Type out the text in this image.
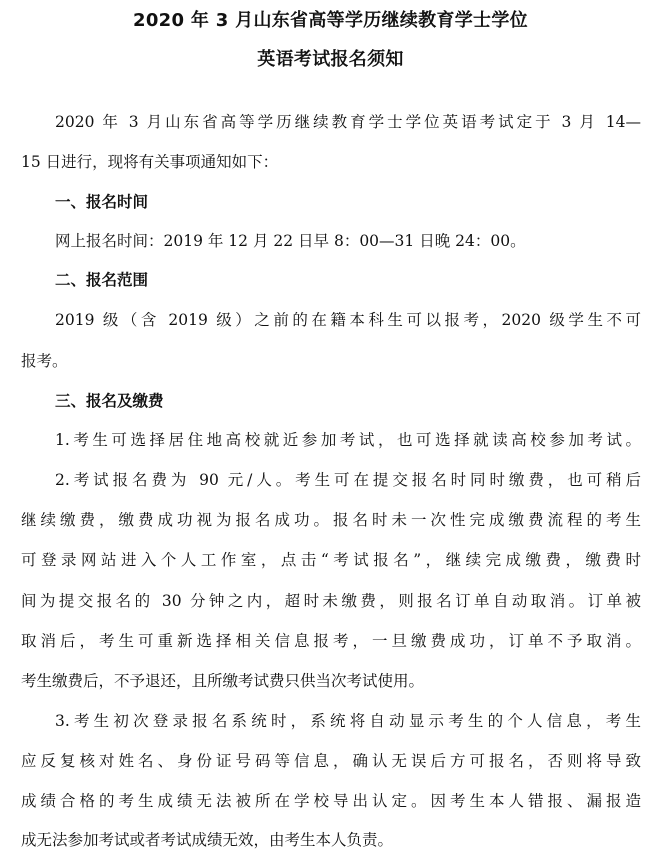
2020 年 3 月山东省高等学历继续教育学士学位
英语考试报名须知
2020 年 3 月山东省高等学历继续教育学士学位英语考试定于 3 月 14—
15 日进行，现将有关事项通知如下：
一、报名时间
网上报名时间：2019 年 12 月 22 日早 8：00—31 日晚 24：00。
二、报名范围
2019 级（含 2019 级）之前的在籍本科生可以报考，2020 级学生不可
报考。
三、报名及缴费
1.考生可选择居住地高校就近参加考试，也可选择就读高校参加考试。
2.考试报名费为 90 元/人。考生可在提交报名时同时缴费，也可稍后
继续缴费，缴费成功视为报名成功。报名时未一次性完成缴费流程的考生
可登录网站进入个人工作室，点击“考试报名”，继续完成缴费，缴费时
间为提交报名的 30 分钟之内，超时未缴费，则报名订单自动取消。订单被
取消后，考生可重新选择相关信息报考，一旦缴费成功，订单不予取消。
考生缴费后，不予退还，且所缴考试费只供当次考试使用。
3.考生初次登录报名系统时，系统将自动显示考生的个人信息，考生
应反复核对姓名、身份证号码等信息，确认无误后方可报名，否则将导致
成绩合格的考生成绩无法被所在学校导出认定。因考生本人错报、漏报造
成无法参加考试或者考试成绩无效，由考生本人负责。
